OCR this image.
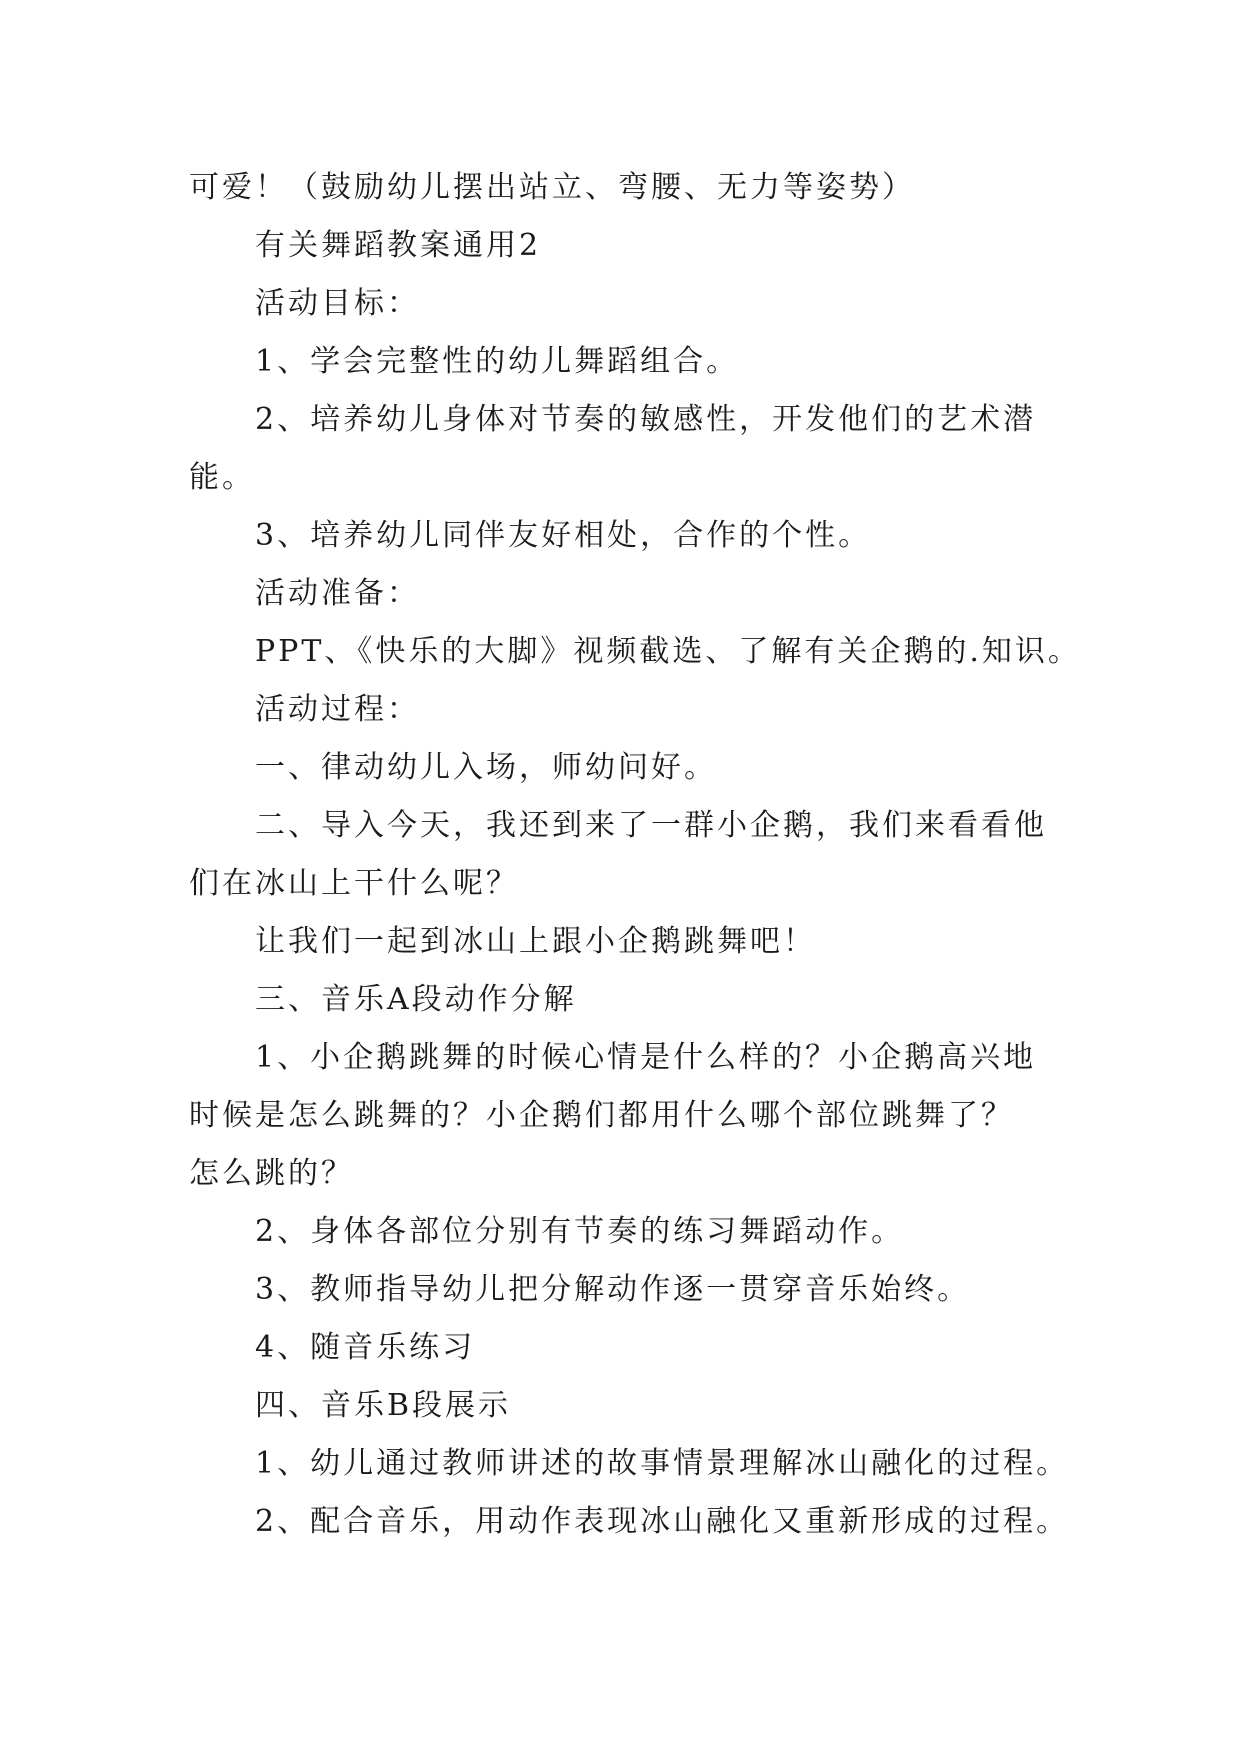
可爱！（鼓励幼儿摆出站立、弯腰、无力等姿势）
有关舞蹈教案通用2
活动目标：
1、学会完整性的幼儿舞蹈组合。
2、培养幼儿身体对节奏的敏感性，开发他们的艺术潜
能。
3、培养幼儿同伴友好相处，合作的个性。
活动准备：
PPT、《快乐的大脚》视频截选、了解有关企鹅的.知识。
活动过程：
一、律动幼儿入场，师幼问好。
二、导入今天，我还到来了一群小企鹅，我们来看看他
们在冰山上干什么呢？
让我们一起到冰山上跟小企鹅跳舞吧！
三、音乐A段动作分解
1、小企鹅跳舞的时候心情是什么样的？小企鹅高兴地
时候是怎么跳舞的？小企鹅们都用什么哪个部位跳舞了？
怎么跳的？
2、身体各部位分别有节奏的练习舞蹈动作。
3、教师指导幼儿把分解动作逐一贯穿音乐始终。
4、随音乐练习
四、音乐B段展示
1、幼儿通过教师讲述的故事情景理解冰山融化的过程。
2、配合音乐，用动作表现冰山融化又重新形成的过程。
